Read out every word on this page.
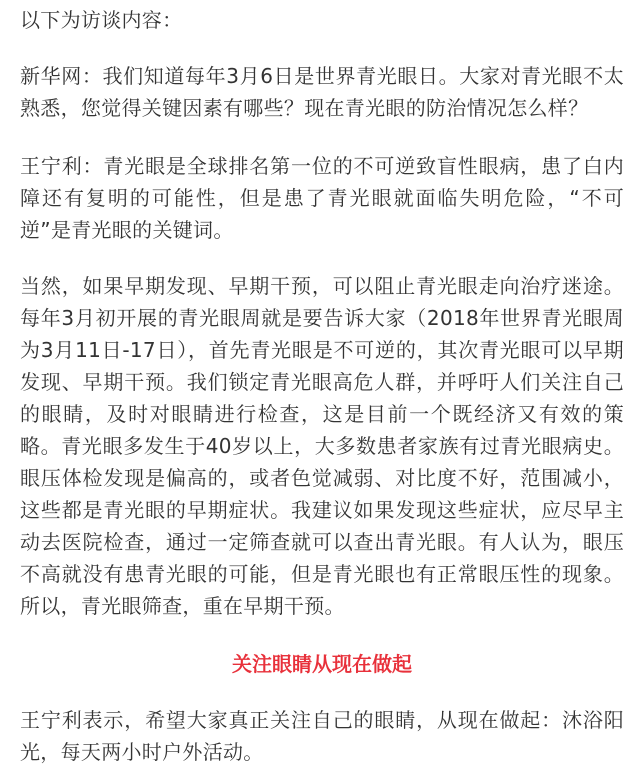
以下为访谈内容：

新华网：我们知道每年3月6日是世界青光眼日。大家对青光眼不太熟悉，您觉得关键因素有哪些？现在青光眼的防治情况怎么样？

王宁利：青光眼是全球排名第一位的不可逆致盲性眼病，患了白内障还有复明的可能性，但是患了青光眼就面临失明危险，“不可逆”是青光眼的关键词。

当然，如果早期发现、早期干预，可以阻止青光眼走向治疗迷途。每年3月初开展的青光眼周就是要告诉大家（2018年世界青光眼周为3月11日-17日），首先青光眼是不可逆的，其次青光眼可以早期发现、早期干预。我们锁定青光眼高危人群，并呼吁人们关注自己的眼睛，及时对眼睛进行检查，这是目前一个既经济又有效的策略。青光眼多发生于40岁以上，大多数患者家族有过青光眼病史。眼压体检发现是偏高的，或者色觉减弱、对比度不好，范围减小，这些都是青光眼的早期症状。我建议如果发现这些症状，应尽早主动去医院检查，通过一定筛查就可以查出青光眼。有人认为，眼压不高就没有患青光眼的可能，但是青光眼也有正常眼压性的现象。所以，青光眼筛查，重在早期干预。

关注眼睛从现在做起

王宁利表示，希望大家真正关注自己的眼睛，从现在做起：沐浴阳光，每天两小时户外活动。
